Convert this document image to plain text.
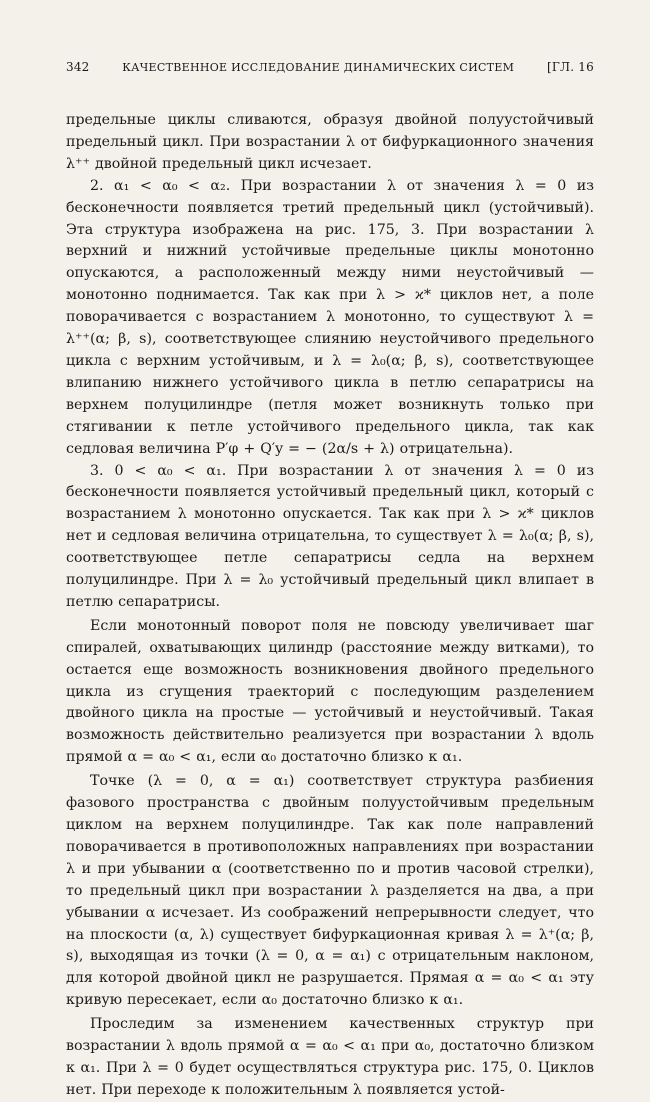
342	КАЧЕСТВЕННОЕ ИССЛЕДОВАНИЕ ДИНАМИЧЕСКИХ СИСТЕМ	[ГЛ. 16

предельные циклы сливаются, образуя двойной полуустойчивый предельный цикл. При возрастании λ от бифуркационного значения λ⁺⁺ двойной предельный цикл исчезает.

2. α₁ < α₀ < α₂. При возрастании λ от значения λ = 0 из бесконечности появляется третий предельный цикл (устойчивый). Эта структура изображена на рис. 175, 3. При возрастании λ верхний и нижний устойчивые предельные циклы монотонно опускаются, а расположенный между ними неустойчивый — монотонно поднимается. Так как при λ > ϰ* циклов нет, а поле поворачивается с возрастанием λ монотонно, то существуют λ = λ⁺⁺(α; β, s), соответствующее слиянию неустойчивого предельного цикла с верхним устойчивым, и λ = λ₀(α; β, s), соответствующее влипанию нижнего устойчивого цикла в петлю сепаратрисы на верхнем полуцилиндре (петля может возникнуть только при стягивании к петле устойчивого предельного цикла, так как седловая величина P′φ + Q′y = − (2α/s + λ) отрицательна).

3. 0 < α₀ < α₁. При возрастании λ от значения λ = 0 из бесконечности появляется устойчивый предельный цикл, который с возрастанием λ монотонно опускается. Так как при λ > ϰ* циклов нет и седловая величина отрицательна, то существует λ = λ₀(α; β, s), соответствующее петле сепаратрисы седла на верхнем полуцилиндре. При λ = λ₀ устойчивый предельный цикл влипает в петлю сепаратрисы.

Если монотонный поворот поля не повсюду увеличивает шаг спиралей, охватывающих цилиндр (расстояние между витками), то остается еще возможность возникновения двойного предельного цикла из сгущения траекторий с последующим разделением двойного цикла на простые — устойчивый и неустойчивый. Такая возможность действительно реализуется при возрастании λ вдоль прямой α = α₀ < α₁, если α₀ достаточно близко к α₁.

Точке (λ = 0, α = α₁) соответствует структура разбиения фазового пространства с двойным полуустойчивым предельным циклом на верхнем полуцилиндре. Так как поле направлений поворачивается в противоположных направлениях при возрастании λ и при убывании α (соответственно по и против часовой стрелки), то предельный цикл при возрастании λ разделяется на два, а при убывании α исчезает. Из соображений непрерывности следует, что на плоскости (α, λ) существует бифуркационная кривая λ = λ⁺(α; β, s), выходящая из точки (λ = 0, α = α₁) с отрицательным наклоном, для которой двойной цикл не разрушается. Прямая α = α₀ < α₁ эту кривую пересекает, если α₀ достаточно близко к α₁.

Проследим за изменением качественных структур при возрастании λ вдоль прямой α = α₀ < α₁ при α₀, достаточно близком к α₁. При λ = 0 будет осуществляться структура рис. 175, 0. Циклов нет. При переходе к положительным λ появляется устой-
